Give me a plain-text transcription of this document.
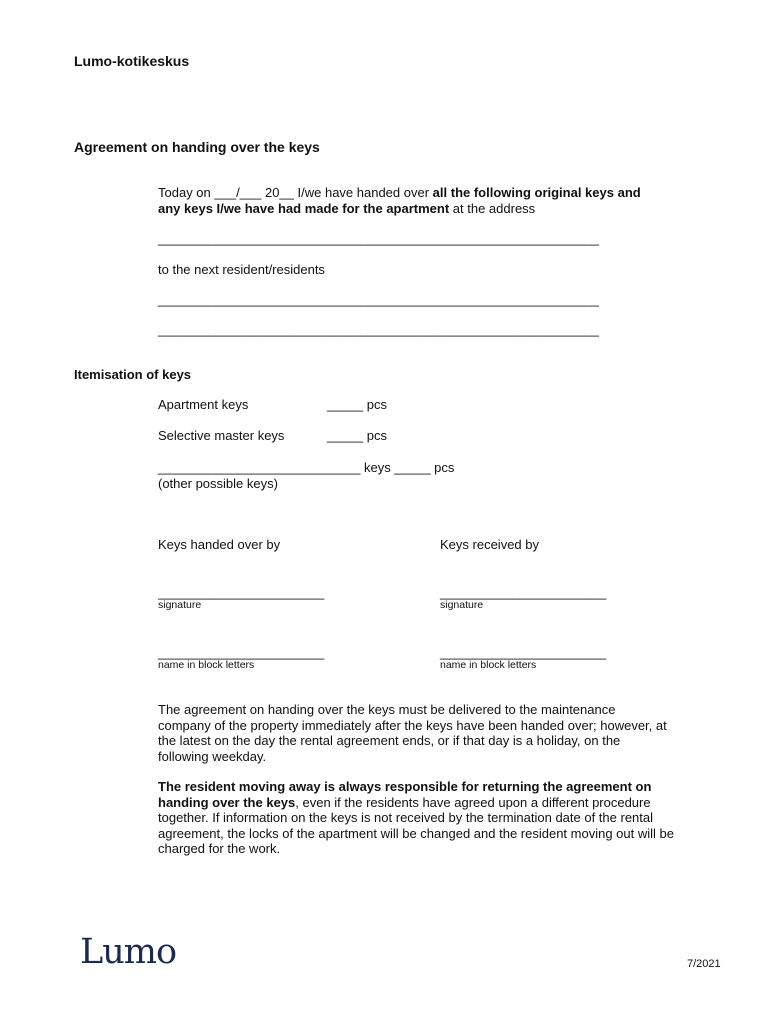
Lumo-kotikeskus

Agreement on handing over the keys

Today on ___/___ 20__ I/we have handed over all the following original keys and

any keys I/we have had made for the apartment at the address

_____________________________________________________________

to the next resident/residents

_____________________________________________________________

_____________________________________________________________

Itemisation of keys

Apartment keys	_____ pcs

Selective master keys	_____ pcs

____________________________ keys _____ pcs

(other possible keys)

Keys handed over by	Keys received by

_______________________	_______________________

signature	signature

_______________________	_______________________

name in block letters	name in block letters

The agreement on handing over the keys must be delivered to the maintenance company of the property immediately after the keys have been handed over; however, at the latest on the day the rental agreement ends, or if that day is a holiday, on the following weekday.

The resident moving away is always responsible for returning the agreement on handing over the keys, even if the residents have agreed upon a different procedure together. If information on the keys is not received by the termination date of the rental agreement, the locks of the apartment will be changed and the resident moving out will be charged for the work.

Lumo	7/2021
